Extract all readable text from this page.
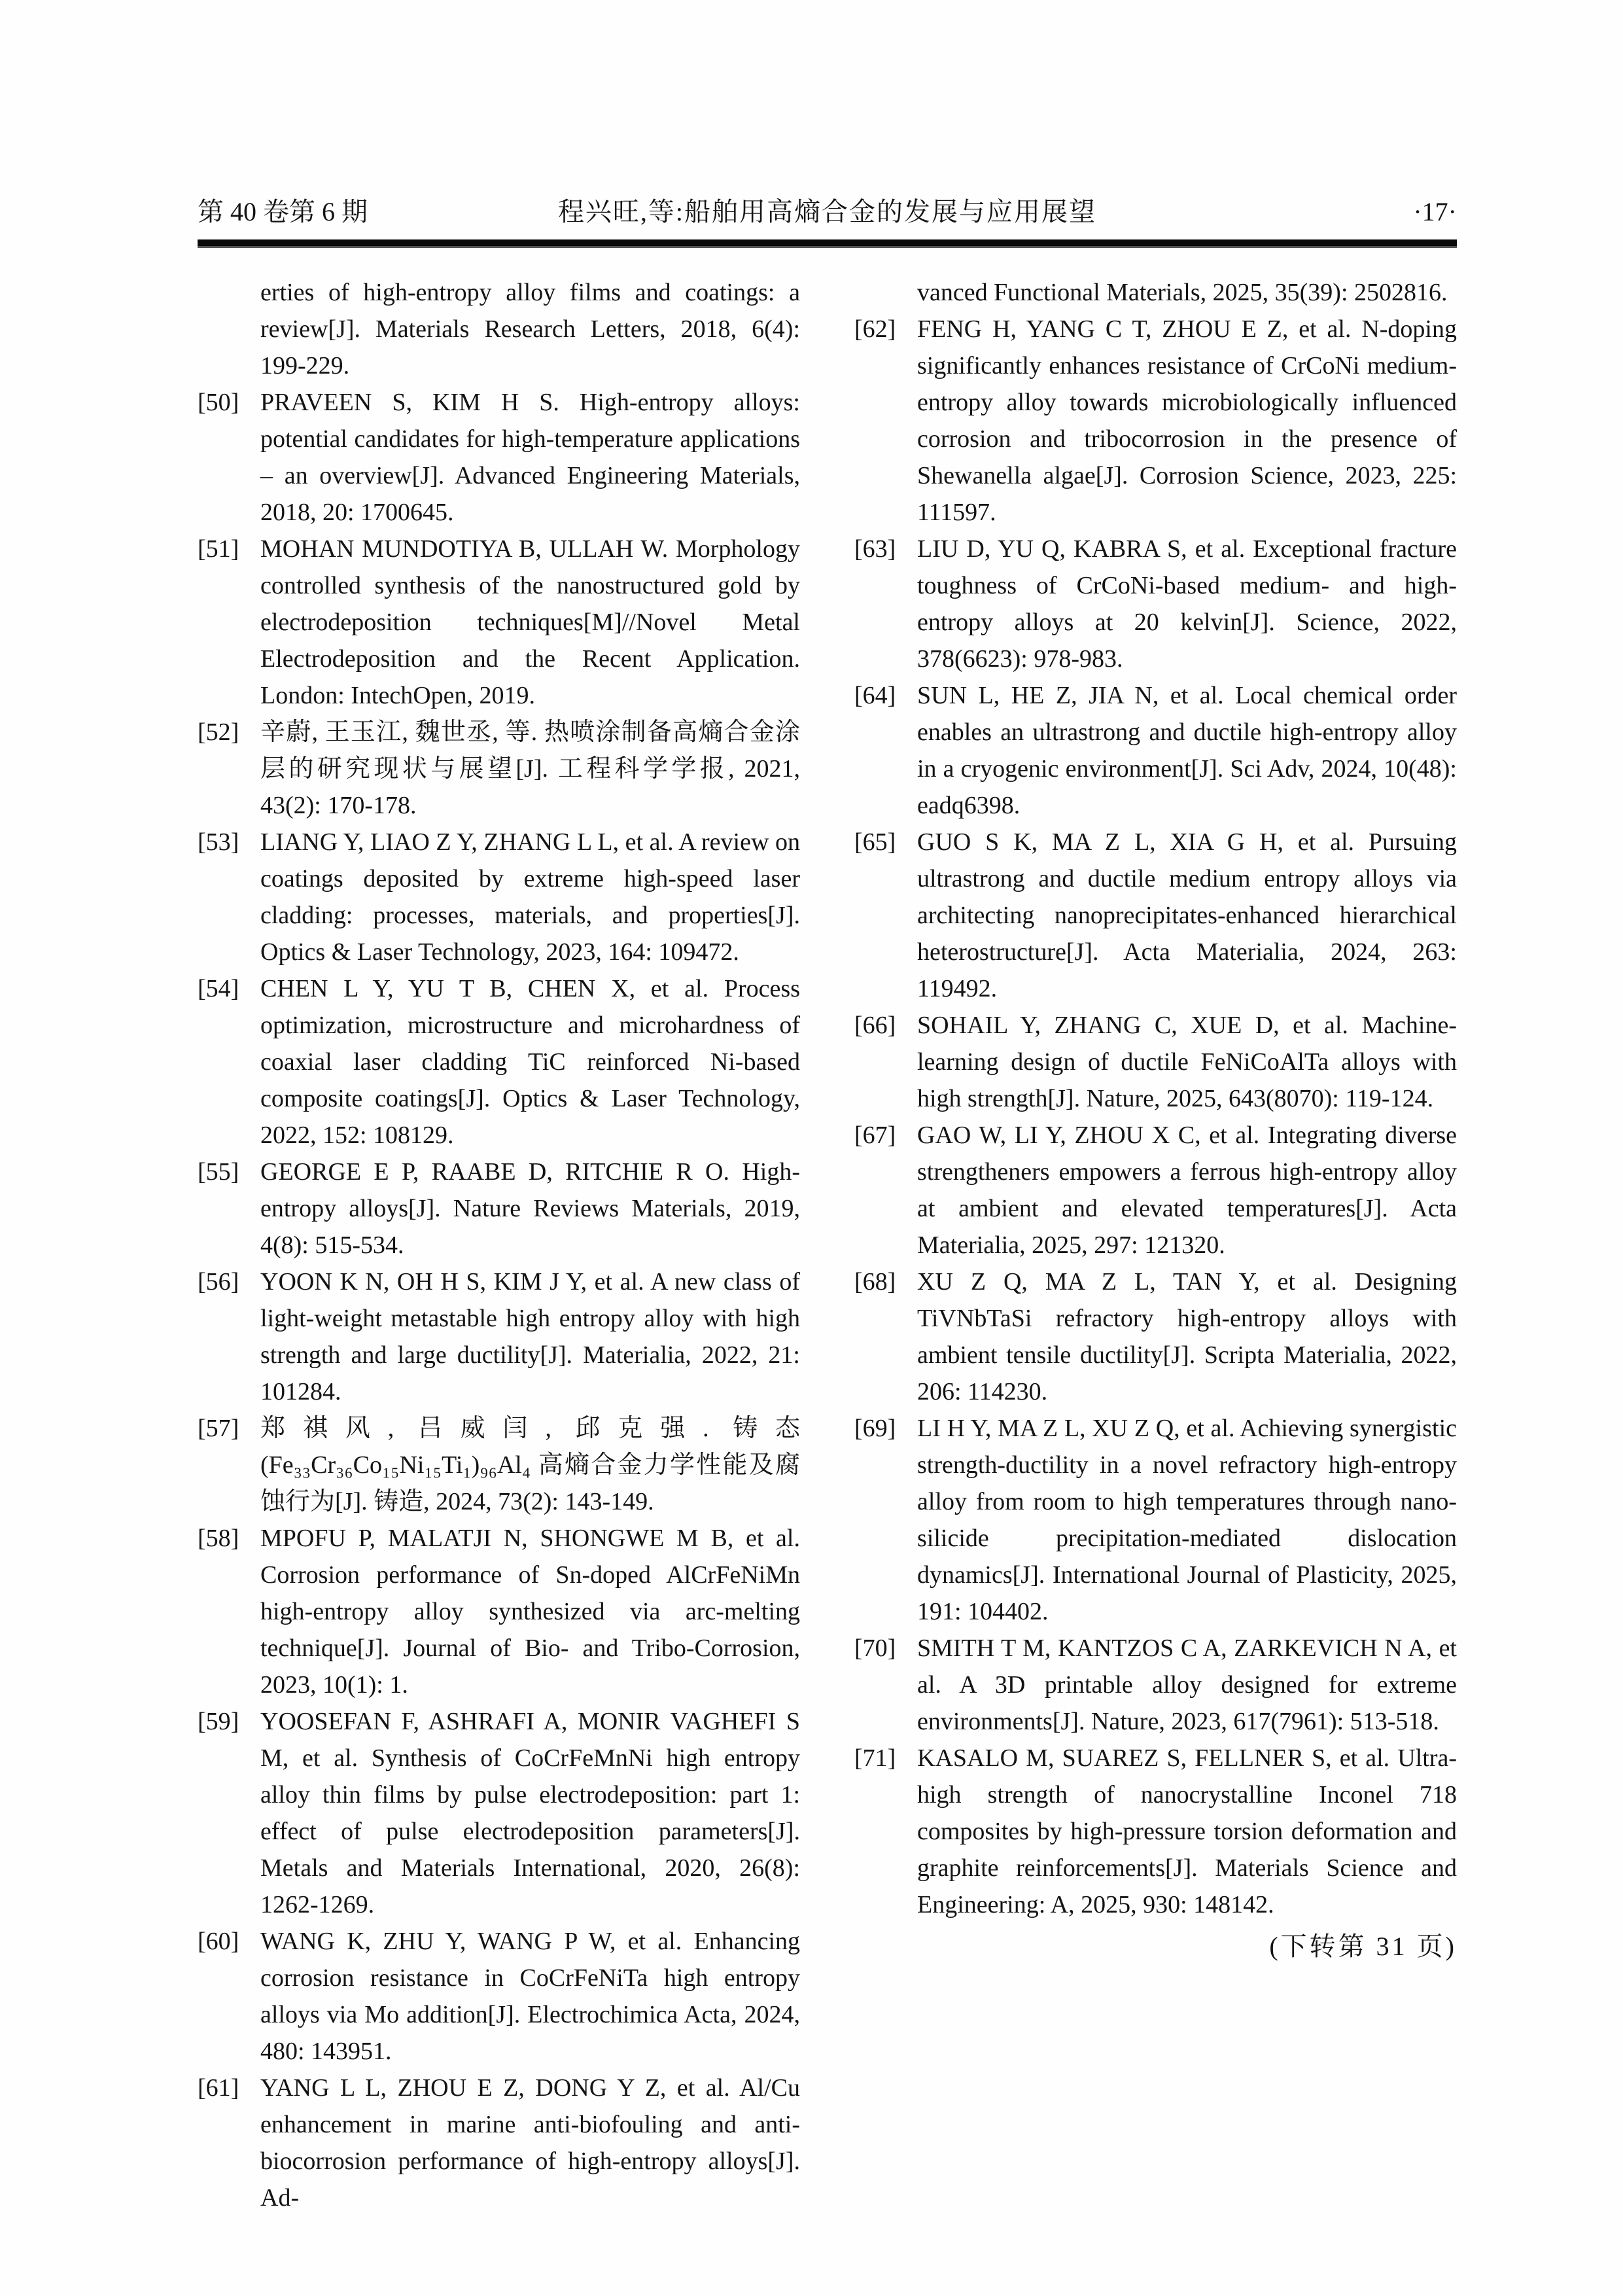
第 40 卷第 6 期	程兴旺,等:船舶用高熵合金的发展与应用展望	·17·
erties of high-entropy alloy films and coatings: a review[J]. Materials Research Letters, 2018, 6(4): 199-229.
[50] PRAVEEN S, KIM H S. High-entropy alloys: potential candidates for high-temperature applications – an overview[J]. Advanced Engineering Materials, 2018, 20: 1700645.
[51] MOHAN MUNDOTIYA B, ULLAH W. Morphology controlled synthesis of the nanostructured gold by electrodeposition techniques[M]//Novel Metal Electrodeposition and the Recent Application. London: IntechOpen, 2019.
[52] 辛蔚, 王玉江, 魏世丞, 等. 热喷涂制备高熵合金涂层的研究现状与展望[J]. 工程科学学报, 2021, 43(2): 170-178.
[53] LIANG Y, LIAO Z Y, ZHANG L L, et al. A review on coatings deposited by extreme high-speed laser cladding: processes, materials, and properties[J]. Optics & Laser Technology, 2023, 164: 109472.
[54] CHEN L Y, YU T B, CHEN X, et al. Process optimization, microstructure and microhardness of coaxial laser cladding TiC reinforced Ni-based composite coatings[J]. Optics & Laser Technology, 2022, 152: 108129.
[55] GEORGE E P, RAABE D, RITCHIE R O. High-entropy alloys[J]. Nature Reviews Materials, 2019, 4(8): 515-534.
[56] YOON K N, OH H S, KIM J Y, et al. A new class of light-weight metastable high entropy alloy with high strength and large ductility[J]. Materialia, 2022, 21: 101284.
[57] 郑祺风, 吕威闫, 邱克强. 铸态(Fe₃₃Cr₃₆Co₁₅Ni₁₅Ti₁)₉₆Al₄ 高熵合金力学性能及腐蚀行为[J]. 铸造, 2024, 73(2): 143-149.
[58] MPOFU P, MALATJI N, SHONGWE M B, et al. Corrosion performance of Sn-doped AlCrFeNiMn high-entropy alloy synthesized via arc-melting technique[J]. Journal of Bio- and Tribo-Corrosion, 2023, 10(1): 1.
[59] YOOSEFAN F, ASHRAFI A, MONIR VAGHEFI S M, et al. Synthesis of CoCrFeMnNi high entropy alloy thin films by pulse electrodeposition: part 1: effect of pulse electrodeposition parameters[J]. Metals and Materials International, 2020, 26(8): 1262-1269.
[60] WANG K, ZHU Y, WANG P W, et al. Enhancing corrosion resistance in CoCrFeNiTa high entropy alloys via Mo addition[J]. Electrochimica Acta, 2024, 480: 143951.
[61] YANG L L, ZHOU E Z, DONG Y Z, et al. Al/Cu enhancement in marine anti-biofouling and anti-biocorrosion performance of high-entropy alloys[J]. Ad-
vanced Functional Materials, 2025, 35(39): 2502816.
[62] FENG H, YANG C T, ZHOU E Z, et al. N-doping significantly enhances resistance of CrCoNi medium-entropy alloy towards microbiologically influenced corrosion and tribocorrosion in the presence of Shewanella algae[J]. Corrosion Science, 2023, 225: 111597.
[63] LIU D, YU Q, KABRA S, et al. Exceptional fracture toughness of CrCoNi-based medium- and high-entropy alloys at 20 kelvin[J]. Science, 2022, 378(6623): 978-983.
[64] SUN L, HE Z, JIA N, et al. Local chemical order enables an ultrastrong and ductile high-entropy alloy in a cryogenic environment[J]. Sci Adv, 2024, 10(48): eadq6398.
[65] GUO S K, MA Z L, XIA G H, et al. Pursuing ultrastrong and ductile medium entropy alloys via architecting nanoprecipitates-enhanced hierarchical heterostructure[J]. Acta Materialia, 2024, 263: 119492.
[66] SOHAIL Y, ZHANG C, XUE D, et al. Machine-learning design of ductile FeNiCoAlTa alloys with high strength[J]. Nature, 2025, 643(8070): 119-124.
[67] GAO W, LI Y, ZHOU X C, et al. Integrating diverse strengtheners empowers a ferrous high-entropy alloy at ambient and elevated temperatures[J]. Acta Materialia, 2025, 297: 121320.
[68] XU Z Q, MA Z L, TAN Y, et al. Designing TiVNbTaSi refractory high-entropy alloys with ambient tensile ductility[J]. Scripta Materialia, 2022, 206: 114230.
[69] LI H Y, MA Z L, XU Z Q, et al. Achieving synergistic strength-ductility in a novel refractory high-entropy alloy from room to high temperatures through nano-silicide precipitation-mediated dislocation dynamics[J]. International Journal of Plasticity, 2025, 191: 104402.
[70] SMITH T M, KANTZOS C A, ZARKEVICH N A, et al. A 3D printable alloy designed for extreme environments[J]. Nature, 2023, 617(7961): 513-518.
[71] KASALO M, SUAREZ S, FELLNER S, et al. Ultra-high strength of nanocrystalline Inconel 718 composites by high-pressure torsion deformation and graphite reinforcements[J]. Materials Science and Engineering: A, 2025, 930: 148142.
(下转第 31 页)
